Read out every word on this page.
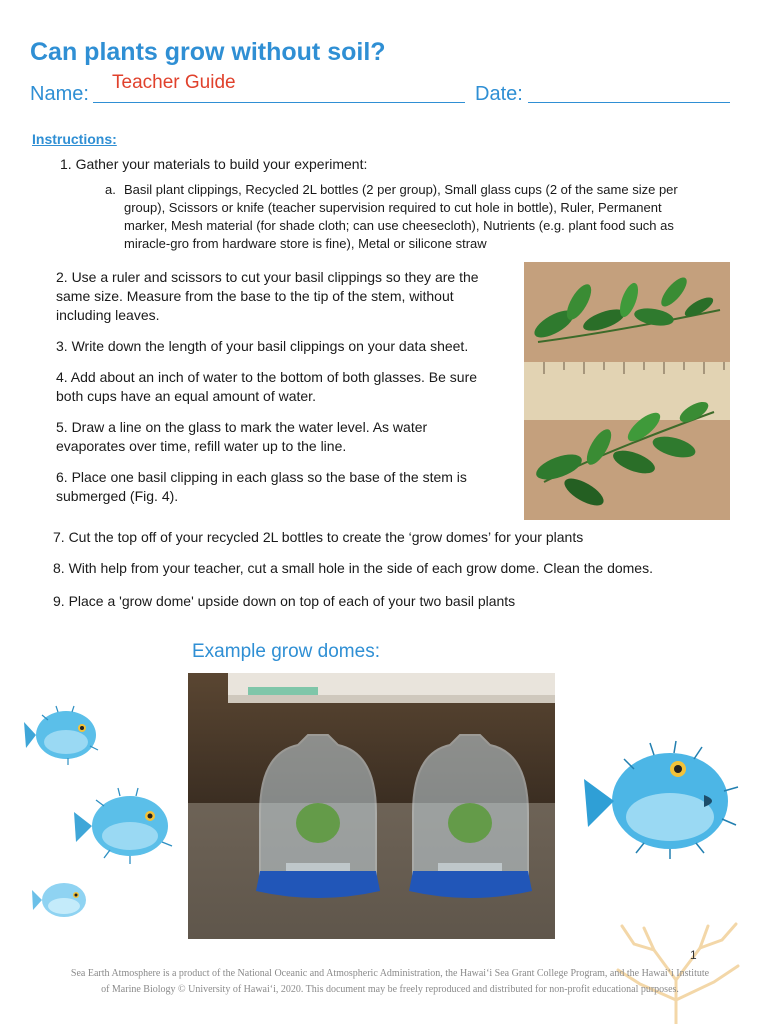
Can plants grow without soil?
Name:
Teacher Guide
Date:
Instructions:
1. Gather your materials to build your experiment:
a. Basil plant clippings, Recycled 2L bottles (2 per group), Small glass cups (2 of the same size per
group), Scissors or knife (teacher supervision required to cut hole in bottle), Ruler, Permanent
marker, Mesh material (for shade cloth; can use cheesecloth), Nutrients (e.g. plant food such as
miracle-gro from hardware store is fine), Metal or silicone straw
2. Use a ruler and scissors to cut your basil clippings so they are the
same size. Measure from the base to the tip of the stem, without
including leaves.
3. Write down the length of your basil clippings on your data sheet.
4. Add about an inch of water to the bottom of both glasses. Be sure
both cups have an equal amount of water.
5. Draw a line on the glass to mark the water level. As water
evaporates over time, refill water up to the line.
6. Place one basil clipping in each glass so the base of the stem is
submerged (Fig. 4).
7. Cut the top off of your recycled 2L bottles to create the ‘grow domes’ for your plants
8. With help from your teacher, cut a small hole in the side of each grow dome. Clean the domes.
9. Place a 'grow dome' upside down on top of each of your two basil plants
Example grow domes:
1
Sea Earth Atmosphere is a product of the National Oceanic and Atmospheric Administration, the Hawaiʻi Sea Grant College Program, and the Hawaiʻi Institute
of Marine Biology © University of Hawaiʻi, 2020. This document may be freely reproduced and distributed for non-profit educational purposes.
